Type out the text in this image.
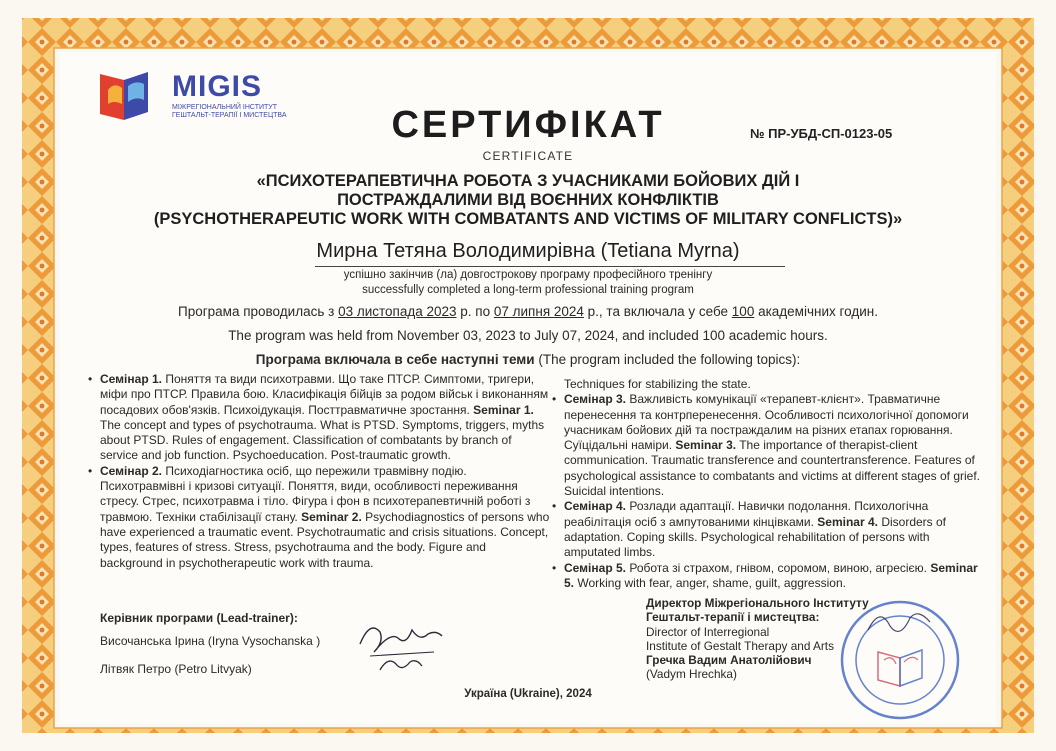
MIGIS
МІЖРЕГІОНАЛЬНИЙ ІНСТИТУТ ГЕШТАЛЬТ-ТЕРАПІЇ І МИСТЕЦТВА	СЕРТИФІКАТ
CERTIFICATE
№ ПР-УБД-СП-0123-05
«ПСИХОТЕРАПЕВТИЧНА РОБОТА З УЧАСНИКАМИ БОЙОВИХ ДІЙ І
ПОСТРАЖДАЛИМИ ВІД ВОЄННИХ КОНФЛІКТІВ
(PSYCHOTHERAPEUTIC WORK WITH COMBATANTS AND VICTIMS OF MILITARY CONFLICTS)»
Мирна Тетяна Володимирівна (Tetiana Myrna)
успішно закінчив (ла) довгострокову програму професійного тренінгу
successfully completed a long-term professional training program
Програма проводилась з 03 листопада 2023 р. по 07 липня 2024 р., та включала у себе 100 академічних годин.
The program was held from November 03, 2023 to July 07, 2024, and included 100 academic hours.
Програма включала в себе наступні теми (The program included the following topics):

• Семінар 1. Поняття та види психотравми. Що таке ПТСР. Симптоми, тригери, міфи про ПТСР. Правила бою. Класифікація бійців за родом військ і виконанням посадових обов'язків. Психоідукація. Посттравматичне зростання. Seminar 1. The concept and types of psychotrauma. What is PTSD. Symptoms, triggers, myths about PTSD. Rules of engagement. Classification of combatants by branch of service and job function. Psychoeducation. Post-traumatic growth.

• Семінар 2. Психодіагностика осіб, що пережили травмівну подію. Психотравмівні і кризові ситуації. Поняття, види, особливості переживання стресу. Стрес, психотравма і тіло. Фігура і фон в психотерапевтичній роботі з травмою. Техніки стабілізації стану. Seminar 2. Psychodiagnostics of persons who have experienced a traumatic event. Psychotraumatic and crisis situations. Concept, types, features of stress. Stress, psychotrauma and the body. Figure and background in psychotherapeutic work with trauma.

Techniques for stabilizing the state.

• Семінар 3. Важливість комунікації «терапевт-клієнт». Травматичне перенесення та контрперенесення. Особливості психологічної допомоги учасникам бойових дій та постраждалим на різних етапах горювання. Суїцідальні наміри. Seminar 3. The importance of therapist-client communication. Traumatic transference and countertransference. Features of psychological assistance to combatants and victims at different stages of grief. Suicidal intentions.

• Семінар 4. Розлади адаптації. Навички подолання. Психологічна реабілітація осіб з ампутованими кінцівками. Seminar 4. Disorders of adaptation. Coping skills. Psychological rehabilitation of persons with amputated limbs.

• Семінар 5. Робота зі страхом, гнівом, соромом, виною, агресією. Seminar 5. Working with fear, anger, shame, guilt, aggression.

Керівник програми (Lead-trainer):
Височанська Ірина (Iryna Vysochanska )
Літвяк Петро (Petro Litvyak)
Директор Міжрегіонального Інституту
Гештальт-терапії і мистецтва:
Director of Interregional
Institute of Gestalt Therapy and Arts
Гречка Вадим Анатолійович
(Vadym Hrechka)
Україна (Ukraine), 2024
